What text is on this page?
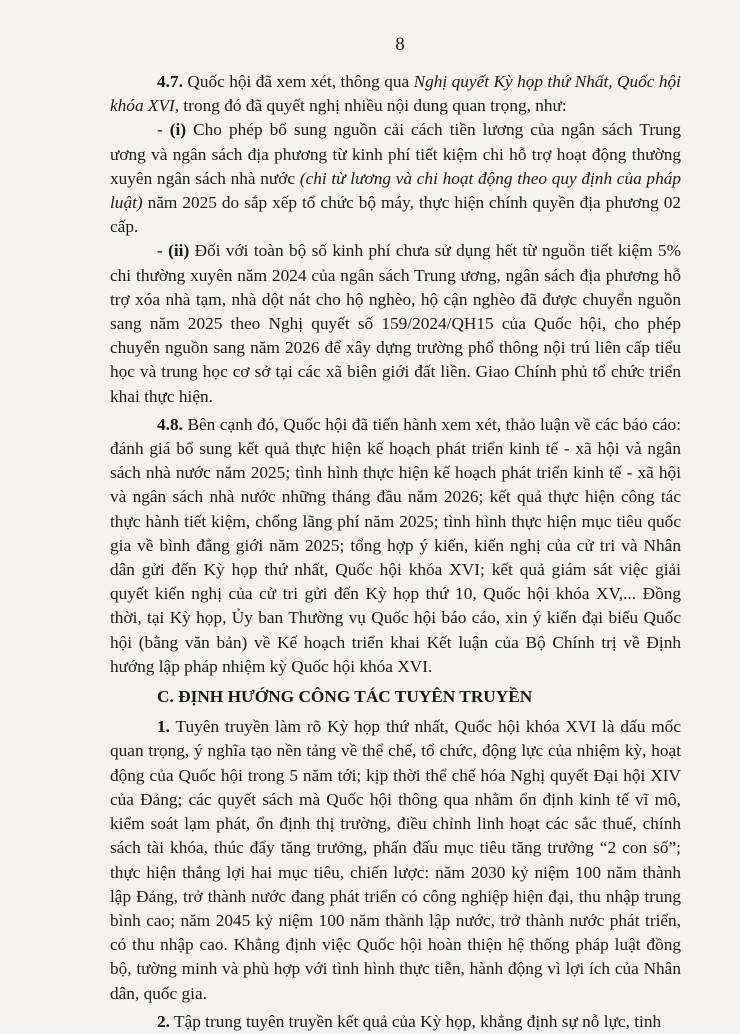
8

4.7. Quốc hội đã xem xét, thông qua Nghị quyết Kỳ họp thứ Nhất, Quốc hội khóa XVI, trong đó đã quyết nghị nhiều nội dung quan trọng, như:

- (i) Cho phép bổ sung nguồn cải cách tiền lương của ngân sách Trung ương và ngân sách địa phương từ kinh phí tiết kiệm chi hỗ trợ hoạt động thường xuyên ngân sách nhà nước (chi từ lương và chi hoạt động theo quy định của pháp luật) năm 2025 do sắp xếp tổ chức bộ máy, thực hiện chính quyền địa phương 02 cấp.

- (ii) Đối với toàn bộ số kinh phí chưa sử dụng hết từ nguồn tiết kiệm 5% chi thường xuyên năm 2024 của ngân sách Trung ương, ngân sách địa phương hỗ trợ xóa nhà tạm, nhà dột nát cho hộ nghèo, hộ cận nghèo đã được chuyển nguồn sang năm 2025 theo Nghị quyết số 159/2024/QH15 của Quốc hội, cho phép chuyển nguồn sang năm 2026 để xây dựng trường phổ thông nội trú liên cấp tiểu học và trung học cơ sở tại các xã biên giới đất liền. Giao Chính phủ tổ chức triển khai thực hiện.

4.8. Bên cạnh đó, Quốc hội đã tiến hành xem xét, thảo luận về các báo cáo: đánh giá bổ sung kết quả thực hiện kế hoạch phát triển kinh tế - xã hội và ngân sách nhà nước năm 2025; tình hình thực hiện kế hoạch phát triển kinh tế - xã hội và ngân sách nhà nước những tháng đầu năm 2026; kết quả thực hiện công tác thực hành tiết kiệm, chống lãng phí năm 2025; tình hình thực hiện mục tiêu quốc gia về bình đẳng giới năm 2025; tổng hợp ý kiến, kiến nghị của cử tri và Nhân dân gửi đến Kỳ họp thứ nhất, Quốc hội khóa XVI; kết quả giám sát việc giải quyết kiến nghị của cử tri gửi đến Kỳ họp thứ 10, Quốc hội khóa XV,... Đồng thời, tại Kỳ họp, Ủy ban Thường vụ Quốc hội báo cáo, xin ý kiến đại biểu Quốc hội (bằng văn bản) về Kế hoạch triển khai Kết luận của Bộ Chính trị về Định hướng lập pháp nhiệm kỳ Quốc hội khóa XVI.

C. ĐỊNH HƯỚNG CÔNG TÁC TUYÊN TRUYỀN

1. Tuyên truyền làm rõ Kỳ họp thứ nhất, Quốc hội khóa XVI là dấu mốc quan trọng, ý nghĩa tạo nền tảng về thể chế, tổ chức, động lực của nhiệm kỳ, hoạt động của Quốc hội trong 5 năm tới; kịp thời thể chế hóa Nghị quyết Đại hội XIV của Đảng; các quyết sách mà Quốc hội thông qua nhằm ổn định kinh tế vĩ mô, kiểm soát lạm phát, ổn định thị trường, điều chỉnh linh hoạt các sắc thuế, chính sách tài khóa, thúc đẩy tăng trưởng, phấn đấu mục tiêu tăng trưởng “2 con số”; thực hiện thắng lợi hai mục tiêu, chiến lược: năm 2030 kỷ niệm 100 năm thành lập Đảng, trở thành nước đang phát triển có công nghiệp hiện đại, thu nhập trung bình cao; năm 2045 kỷ niệm 100 năm thành lập nước, trở thành nước phát triển, có thu nhập cao. Khẳng định việc Quốc hội hoàn thiện hệ thống pháp luật đồng bộ, tường minh và phù hợp với tình hình thực tiễn, hành động vì lợi ích của Nhân dân, quốc gia.

2. Tập trung tuyên truyền kết quả của Kỳ họp, khẳng định sự nỗ lực, tinh
